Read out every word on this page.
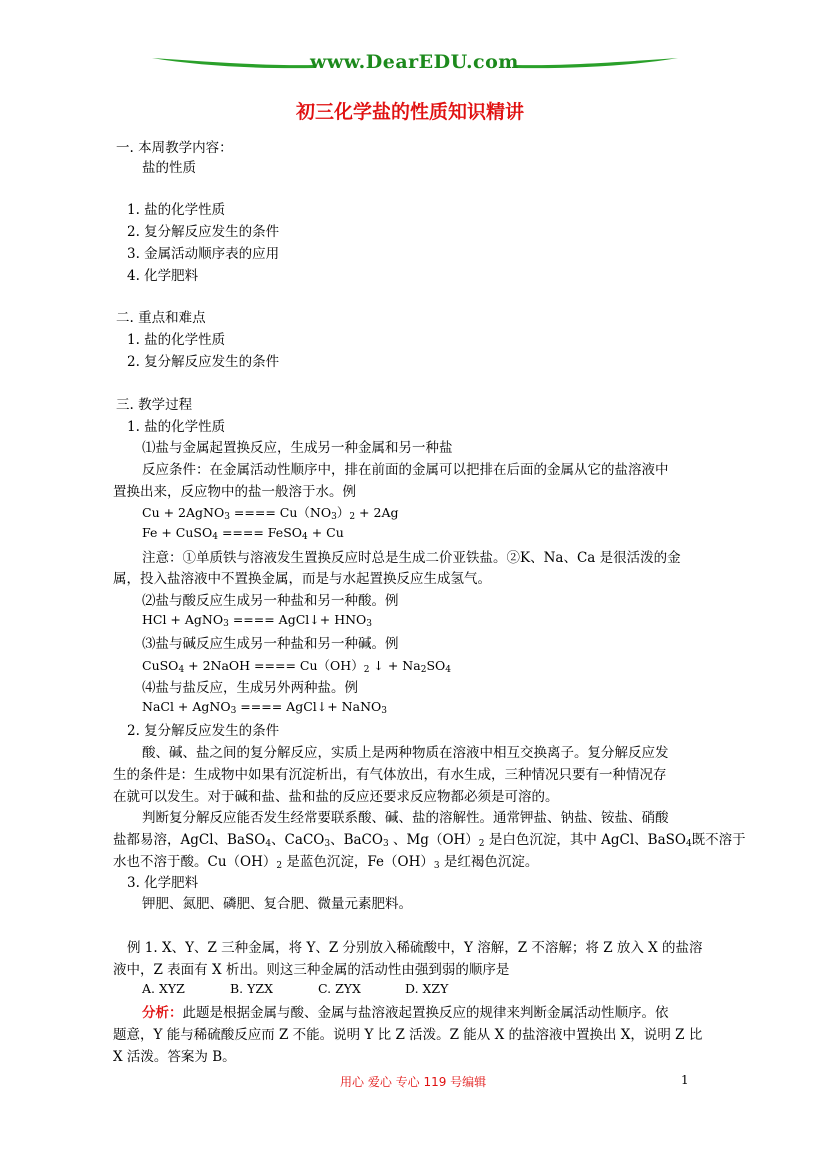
www.DearEDU.com
初三化学盐的性质知识精讲
一. 本周教学内容：
盐的性质
1. 盐的化学性质
2. 复分解反应发生的条件
3. 金属活动顺序表的应用
4. 化学肥料
二. 重点和难点
1. 盐的化学性质
2. 复分解反应发生的条件
三. 教学过程
1. 盐的化学性质
⑴盐与金属起置换反应，生成另一种金属和另一种盐
反应条件：在金属活动性顺序中，排在前面的金属可以把排在后面的金属从它的盐溶液中
置换出来，反应物中的盐一般溶于水。例
Cu + 2AgNO$_3$ ==== $Cu(NO_3)_2 + 2Ag$
Fe + CuSO$_4$ ==== FeSO$_4$ + Cu
注意：①单质铁与溶液发生置换反应时总是生成二价亚铁盐。②K、Na、Ca 是很活泼的金
属，投入盐溶液中不置换金属，而是与水起置换反应生成氢气。
⑵盐与酸反应生成另一种盐和另一种酸。例
HCl + AgNO$_3$ ==== AgCl↓+ $HNO_3$
⑶盐与碱反应生成另一种盐和另一种碱。例
CuSO$_4$ + 2NaOH ==== $Cu(OH)_2$ ↓ + $Na_2SO_4$
⑷盐与盐反应，生成另外两种盐。例
NaCl + AgNO$_3$ ==== AgCl↓+ NaNO$_3$
2. 复分解反应发生的条件
酸、碱、盐之间的复分解反应，实质上是两种物质在溶液中相互交换离子。复分解反应发
生的条件是：生成物中如果有沉淀析出，有气体放出，有水生成，三种情况只要有一种情况存
在就可以发生。对于碱和盐、盐和盐的反应还要求反应物都必须是可溶的。
判断复分解反应能否发生经常要联系酸、碱、盐的溶解性。通常钾盐、钠盐、铵盐、硝酸
盐都易溶，AgCl、BaSO$_4$、CaCO$_3$、BaCO$_3$ 、$Mg(OH)_2$ 是白色沉淀，其中 AgCl、BaSO$_4$既不溶于
水也不溶于酸。$Cu(OH)_2$ 是蓝色沉淀，$Fe(OH)_3$ 是红褐色沉淀。
3. 化学肥料
钾肥、氮肥、磷肥、复合肥、微量元素肥料。
例 1. X、Y、Z 三种金属，将 Y、Z 分别放入稀硫酸中，Y 溶解，Z 不溶解；将 Z 放入 X 的盐溶
液中，Z 表面有 X 析出。则这三种金属的活动性由强到弱的顺序是
A. XYZ	B. YZX	C. ZYX	D. XZY
分析：此题是根据金属与酸、金属与盐溶液起置换反应的规律来判断金属活动性顺序。依
题意，Y 能与稀硫酸反应而 Z 不能。说明 Y 比 Z 活泼。Z 能从 X 的盐溶液中置换出 X，说明 Z 比
X 活泼。答案为 B。
用心 爱心 专心 119 号编辑	1
